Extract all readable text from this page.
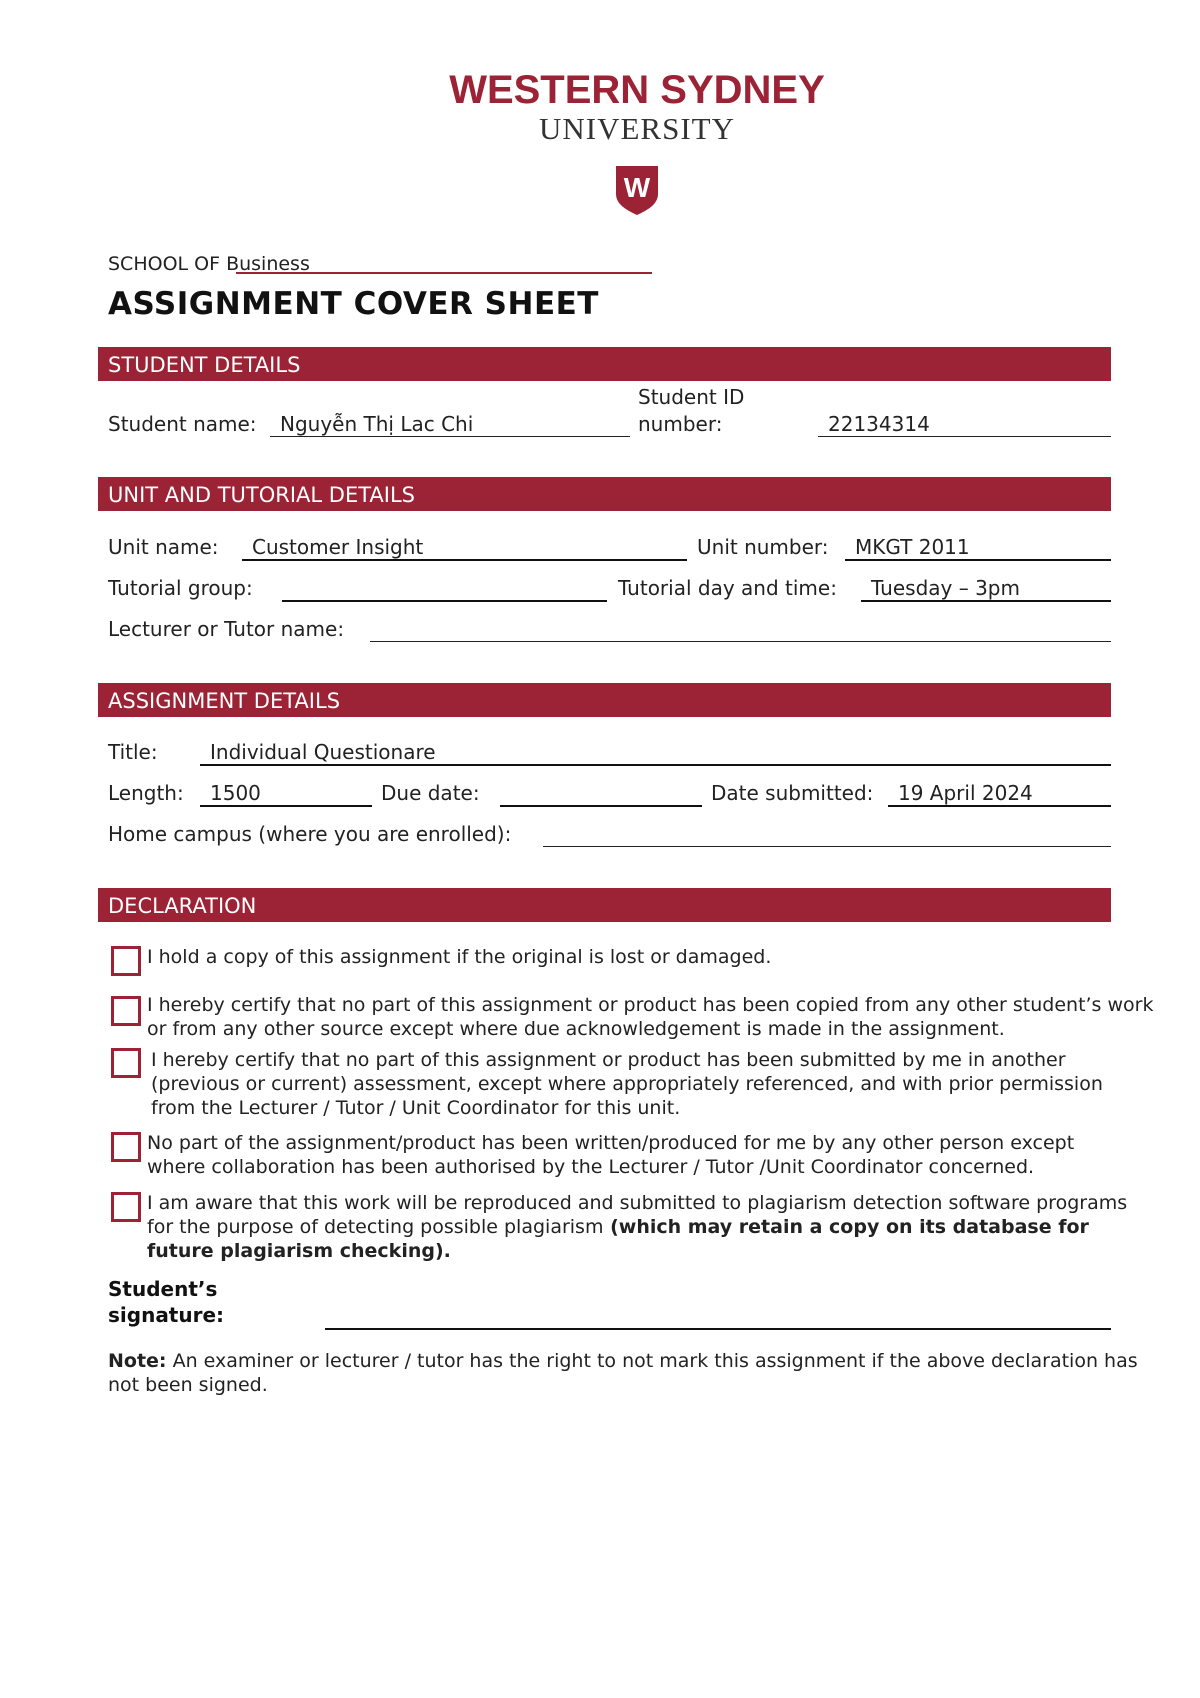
WESTERN SYDNEY
UNIVERSITY
W
SCHOOL OF Business
ASSIGNMENT COVER SHEET
STUDENT DETAILS
Student name: Nguyễn Thị Lac Chi
Student ID
number:	22134314
UNIT AND TUTORIAL DETAILS
Unit name: Customer Insight	Unit number: MKGT 2011
Tutorial group:	Tutorial day and time: Tuesday – 3pm
Lecturer or Tutor name:
ASSIGNMENT DETAILS
Title:	Individual Questionare
Length: 1500	Due date:	Date submitted: 19 April 2024
Home campus (where you are enrolled):
DECLARATION
I hold a copy of this assignment if the original is lost or damaged.
I hereby certify that no part of this assignment or product has been copied from any other student’s work
or from any other source except where due acknowledgement is made in the assignment.
I hereby certify that no part of this assignment or product has been submitted by me in another
(previous or current) assessment, except where appropriately referenced, and with prior permission
from the Lecturer / Tutor / Unit Coordinator for this unit.
No part of the assignment/product has been written/produced for me by any other person except
where collaboration has been authorised by the Lecturer / Tutor /Unit Coordinator concerned.
I am aware that this work will be reproduced and submitted to plagiarism detection software programs
for the purpose of detecting possible plagiarism (which may retain a copy on its database for
future plagiarism checking).
Student’s
signature:
Note: An examiner or lecturer / tutor has the right to not mark this assignment if the above declaration has
not been signed.
